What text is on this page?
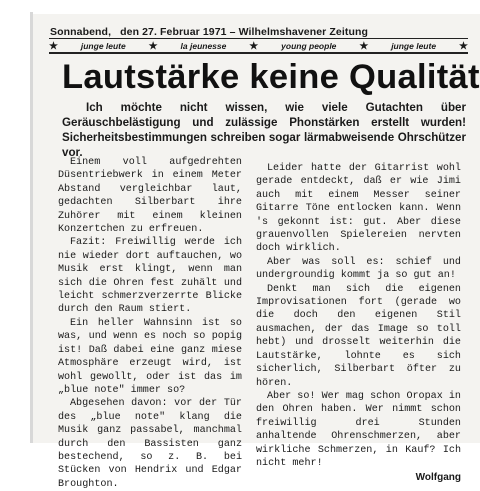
Sonnabend, den 27. Februar 1971 – Wilhelmshavener Zeitung
★	junge leute ★	la jeunesse ★	young people ★	junge leute ★
Lautstärke keine Qualität
Ich möchte nicht wissen, wie viele Gutachten über Geräuschbelästigung und zulässige Phonstärken erstellt wurden! Sicherheitsbestimmungen schreiben sogar lärmabweisende Ohrschützer vor.

Einem voll aufgedrehten Düsentriebwerk in einem Meter Abstand vergleichbar laut, gedachten Silberbart ihre Zuhörer mit einem kleinen Konzertchen zu erfreuen.

Fazit: Freiwillig werde ich nie wieder dort auftauchen, wo Musik erst klingt, wenn man sich die Ohren fest zuhält und leicht schmerzverzerrte Blicke durch den Raum stiert.

Ein heller Wahnsinn ist so was, und wenn es noch so popig ist! Daß dabei eine ganz miese Atmosphäre erzeugt wird, ist wohl gewollt, oder ist das im „blue note" immer so?

Abgesehen davon: vor der Tür des „blue note" klang die Musik ganz passabel, manchmal durch den Bassisten ganz bestechend, so z. B. bei Stücken von Hendrix und Edgar Broughton.

Leider hatte der Gitarrist wohl gerade entdeckt, daß er wie Jimi auch mit einem Messer seiner Gitarre Töne entlocken kann. Wenn 's gekonnt ist: gut. Aber diese grauenvollen Spielereien nervten doch wirklich.

Aber was soll es: schief und undergroundig kommt ja so gut an!

Denkt man sich die eigenen Improvisationen fort (gerade wo die doch den eigenen Stil ausmachen, der das Image so toll hebt) und drosselt weiterhin die Lautstärke, lohnte es sich sicherlich, Silberbart öfter zu hören.

Aber so! Wer mag schon Oropax in den Ohren haben. Wer nimmt schon freiwillig drei Stunden anhaltende Ohrenschmerzen, aber wirkliche Schmerzen, in Kauf? Ich nicht mehr!

Wolfgang
